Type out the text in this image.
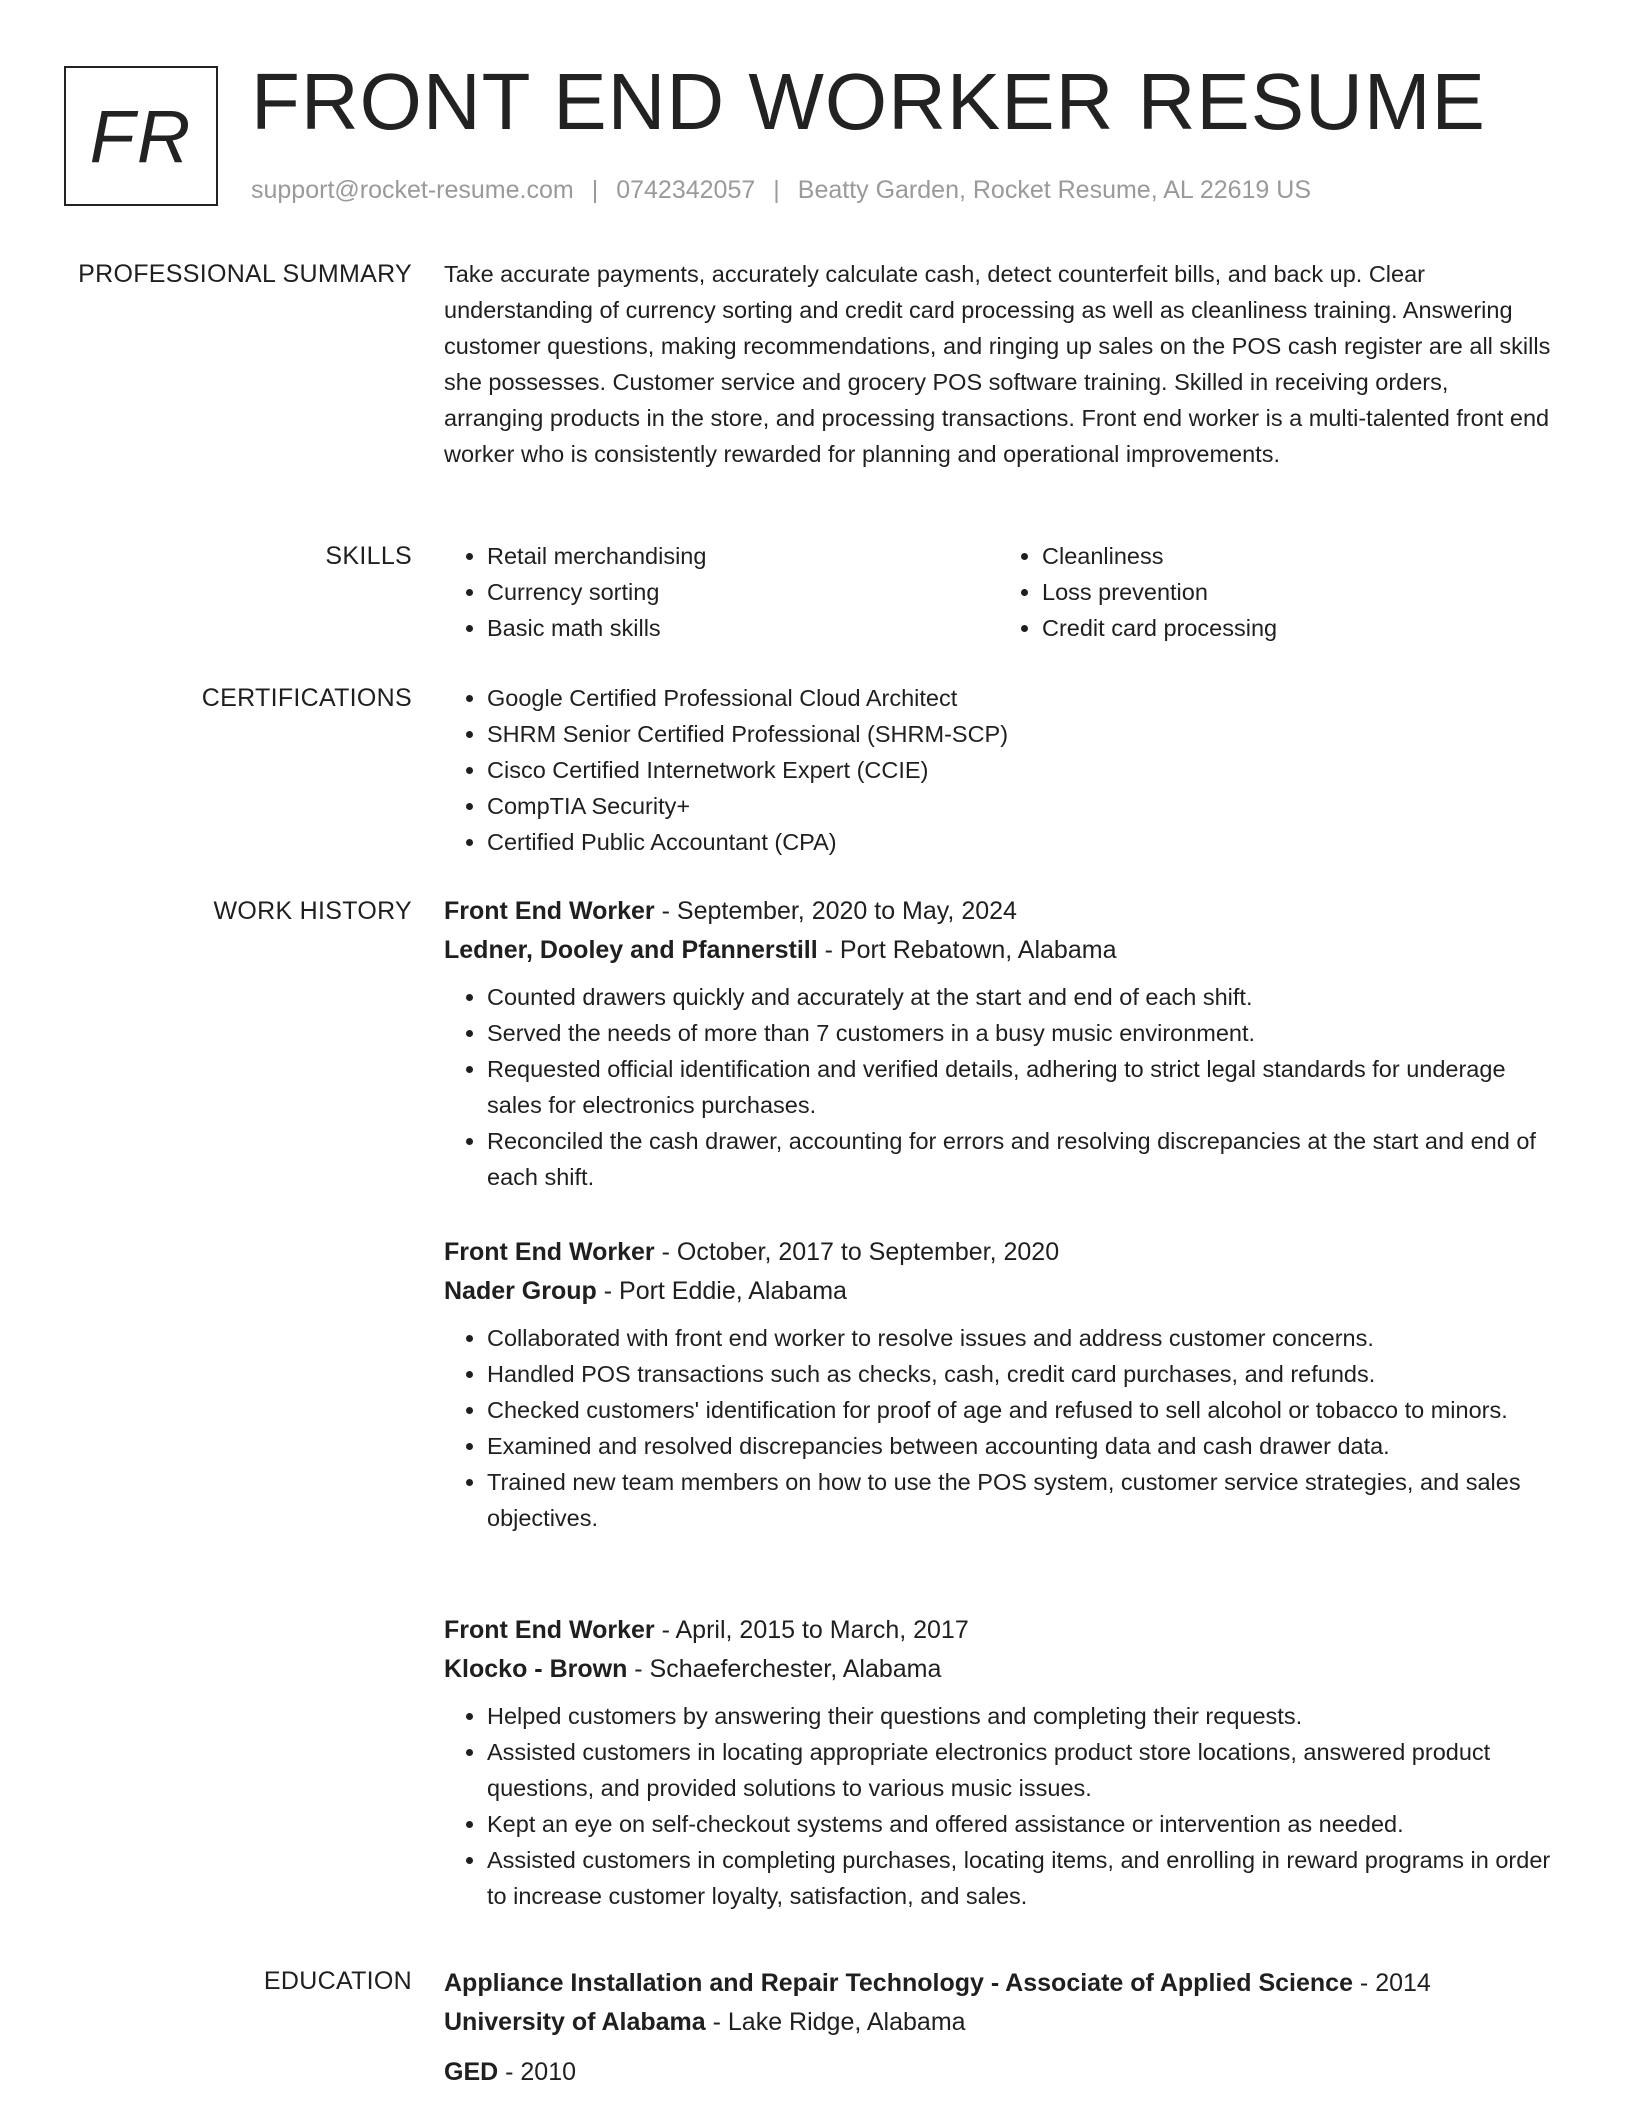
FR FRONT END WORKER RESUME
support@rocket-resume.com | 0742342057 | Beatty Garden, Rocket Resume, AL 22619 US
PROFESSIONAL SUMMARY Take accurate payments, accurately calculate cash, detect counterfeit bills, and back up. Clear understanding of currency sorting and credit card processing as well as cleanliness training. Answering customer questions, making recommendations, and ringing up sales on the POS cash register are all skills she possesses. Customer service and grocery POS software training. Skilled in receiving orders, arranging products in the store, and processing transactions. Front end worker is a multi-talented front end worker who is consistently rewarded for planning and operational improvements.

SKILLS	• Retail merchandising
• Currency sorting
• Basic math skills
• Cleanliness
• Loss prevention
• Credit card processing
CERTIFICATIONS	• Google Certified Professional Cloud Architect
• SHRM Senior Certified Professional (SHRM-SCP)
• Cisco Certified Internetwork Expert (CCIE)
• CompTIA Security+
• Certified Public Accountant (CPA)
WORK HISTORY Front End Worker - September, 2020 to May, 2024
Ledner, Dooley and Pfannerstill - Port Rebatown, Alabama
• Counted drawers quickly and accurately at the start and end of each shift.
• Served the needs of more than 7 customers in a busy music environment.
• Requested official identification and verified details, adhering to strict legal standards for underage sales for electronics purchases.
• Reconciled the cash drawer, accounting for errors and resolving discrepancies at the start and end of each shift.
Front End Worker - October, 2017 to September, 2020
Nader Group - Port Eddie, Alabama
• Collaborated with front end worker to resolve issues and address customer concerns.
• Handled POS transactions such as checks, cash, credit card purchases, and refunds.
• Checked customers' identification for proof of age and refused to sell alcohol or tobacco to minors.
• Examined and resolved discrepancies between accounting data and cash drawer data.
• Trained new team members on how to use the POS system, customer service strategies, and sales objectives.
Front End Worker - April, 2015 to March, 2017
Klocko - Brown - Schaeferchester, Alabama
• Helped customers by answering their questions and completing their requests.
• Assisted customers in locating appropriate electronics product store locations, answered product questions, and provided solutions to various music issues.
• Kept an eye on self-checkout systems and offered assistance or intervention as needed.
• Assisted customers in completing purchases, locating items, and enrolling in reward programs in order to increase customer loyalty, satisfaction, and sales.
EDUCATION Appliance Installation and Repair Technology - Associate of Applied Science - 2014
University of Alabama - Lake Ridge, Alabama
GED - 2010
